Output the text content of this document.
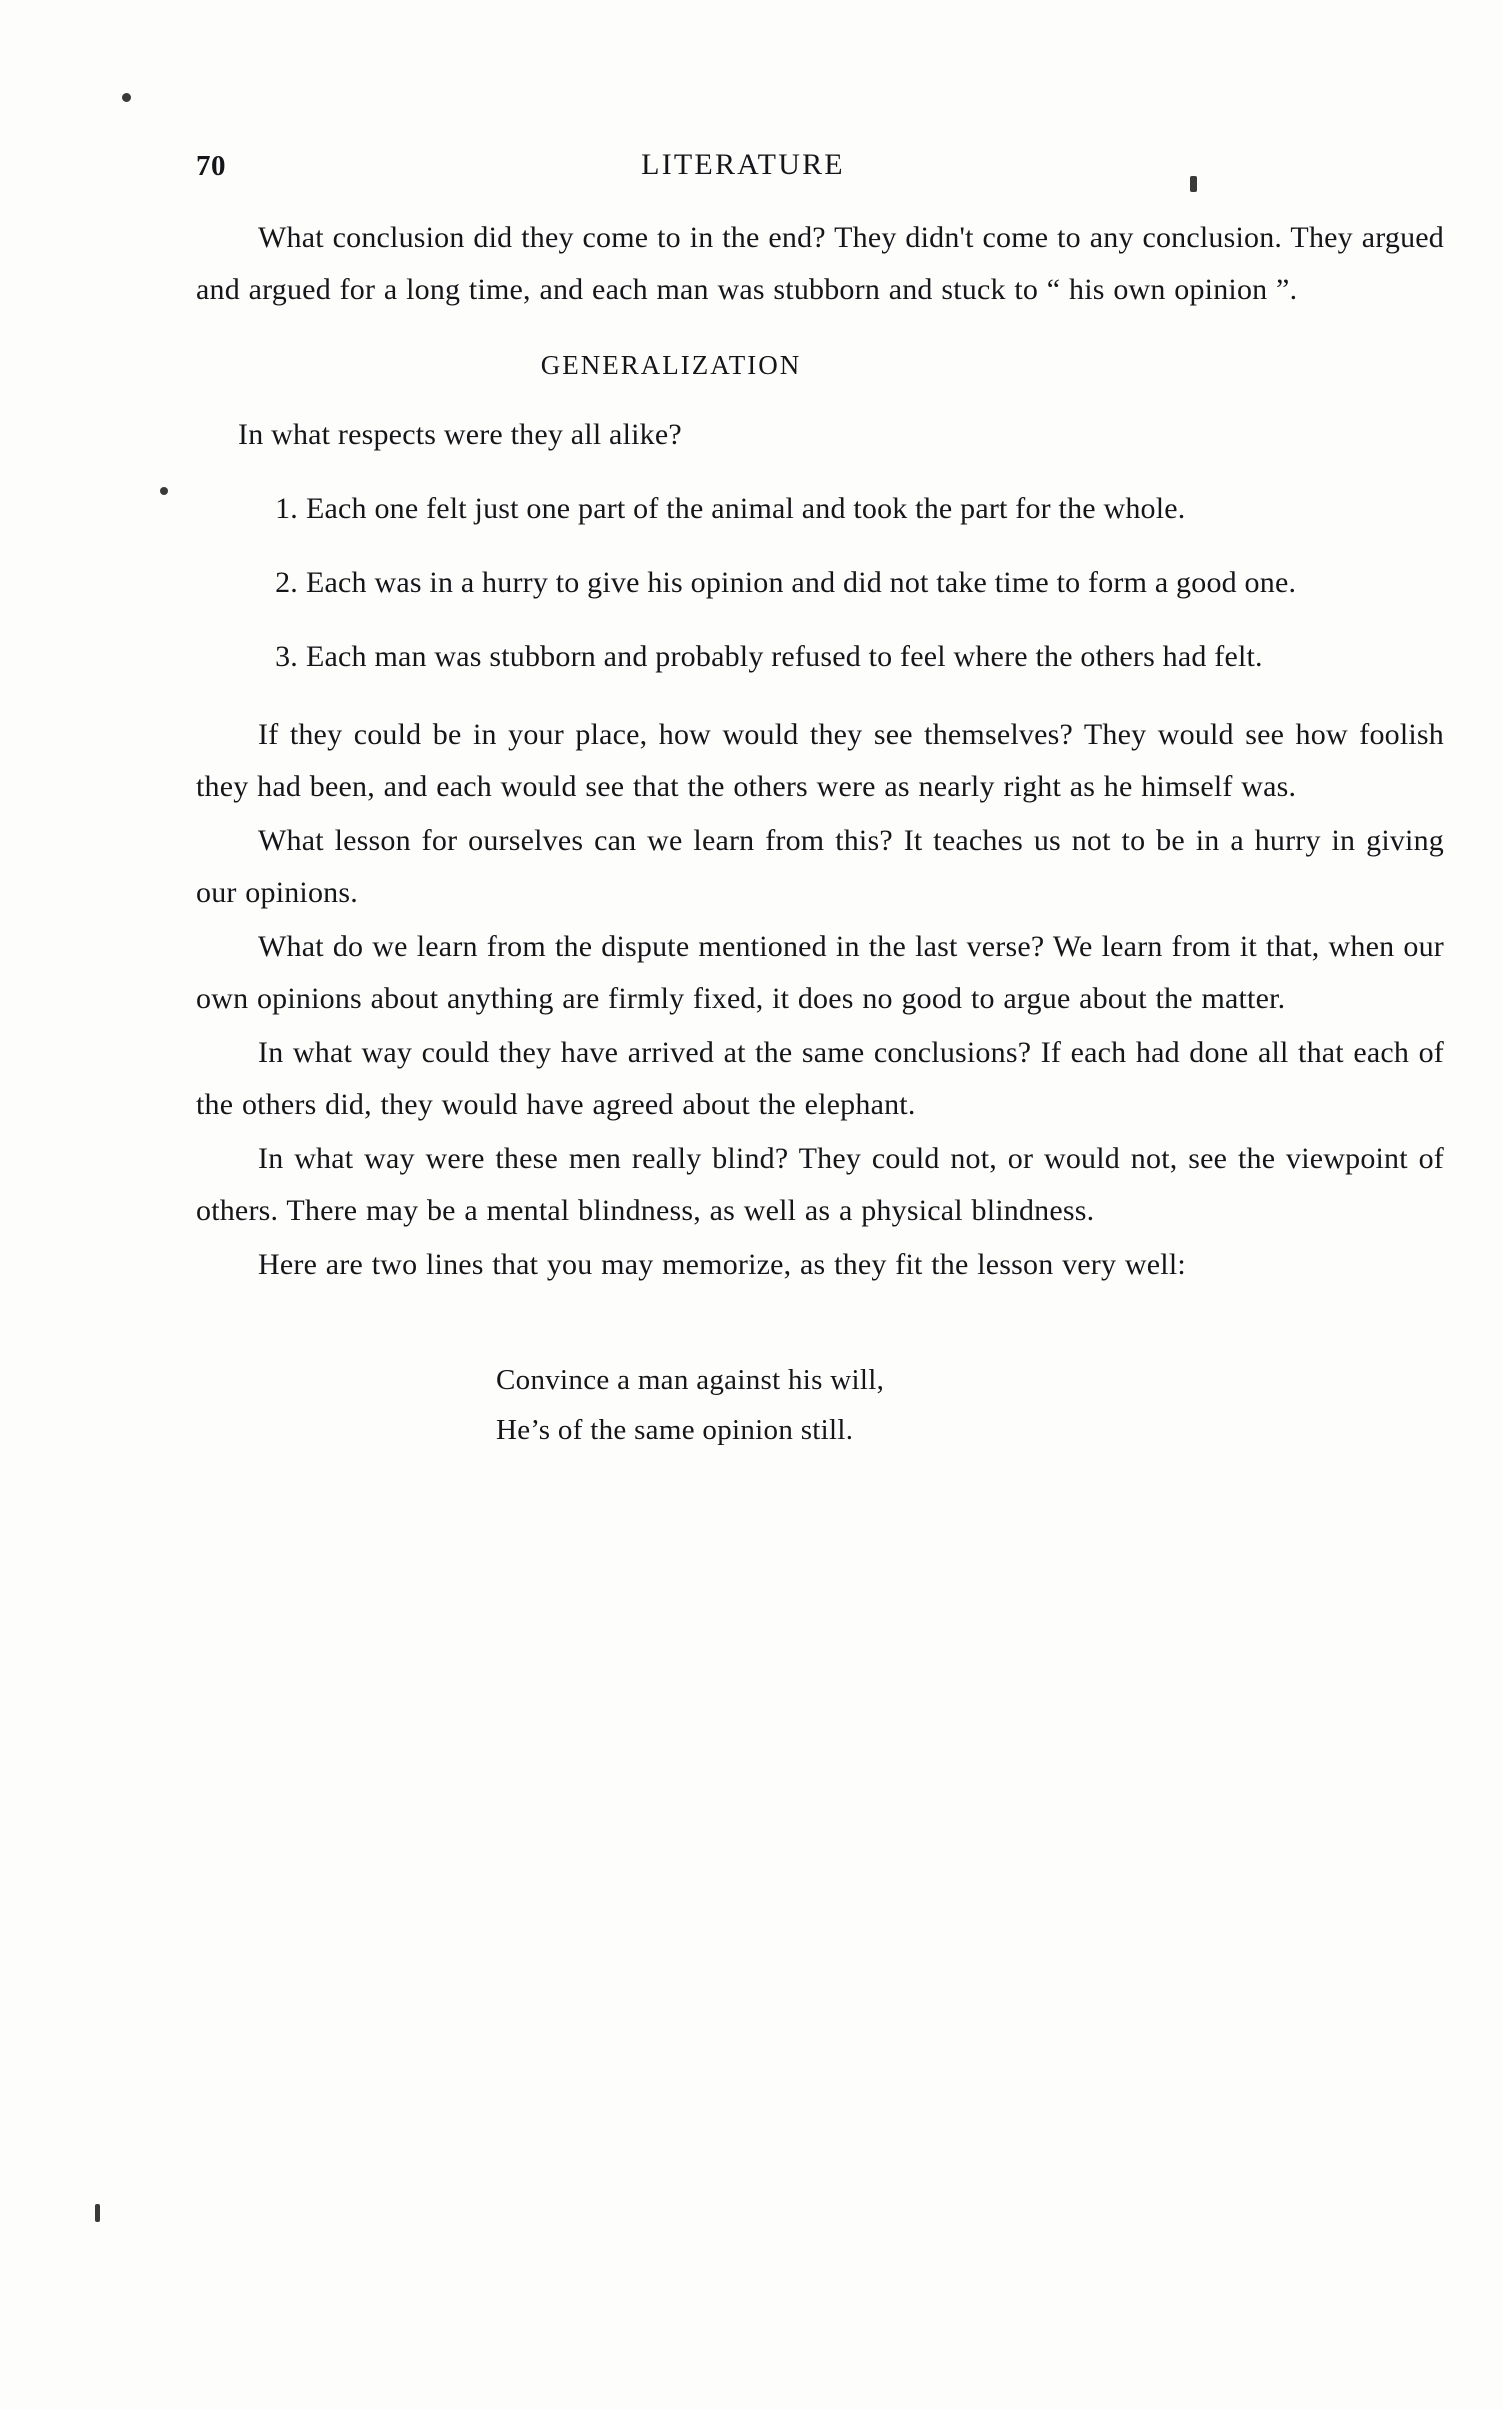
70	LITERATURE

What conclusion did they come to in the end? They didn't come to any conclusion. They argued and argued for a long time, and each man was stubborn and stuck to “ his own opinion ”.

GENERALIZATION

In what respects were they all alike?

1. Each one felt just one part of the animal and took the part for the whole.
2. Each was in a hurry to give his opinion and did not take time to form a good one.
3. Each man was stubborn and probably refused to feel where the others had felt.

If they could be in your place, how would they see themselves? They would see how foolish they had been, and each would see that the others were as nearly right as he himself was.

What lesson for ourselves can we learn from this? It teaches us not to be in a hurry in giving our opinions.

What do we learn from the dispute mentioned in the last verse? We learn from it that, when our own opinions about anything are firmly fixed, it does no good to argue about the matter.

In what way could they have arrived at the same conclusions? If each had done all that each of the others did, they would have agreed about the elephant.

In what way were these men really blind? They could not, or would not, see the viewpoint of others. There may be a mental blindness, as well as a physical blindness.

Here are two lines that you may memorize, as they fit the lesson very well:

Convince a man against his will,
He’s of the same opinion still.
